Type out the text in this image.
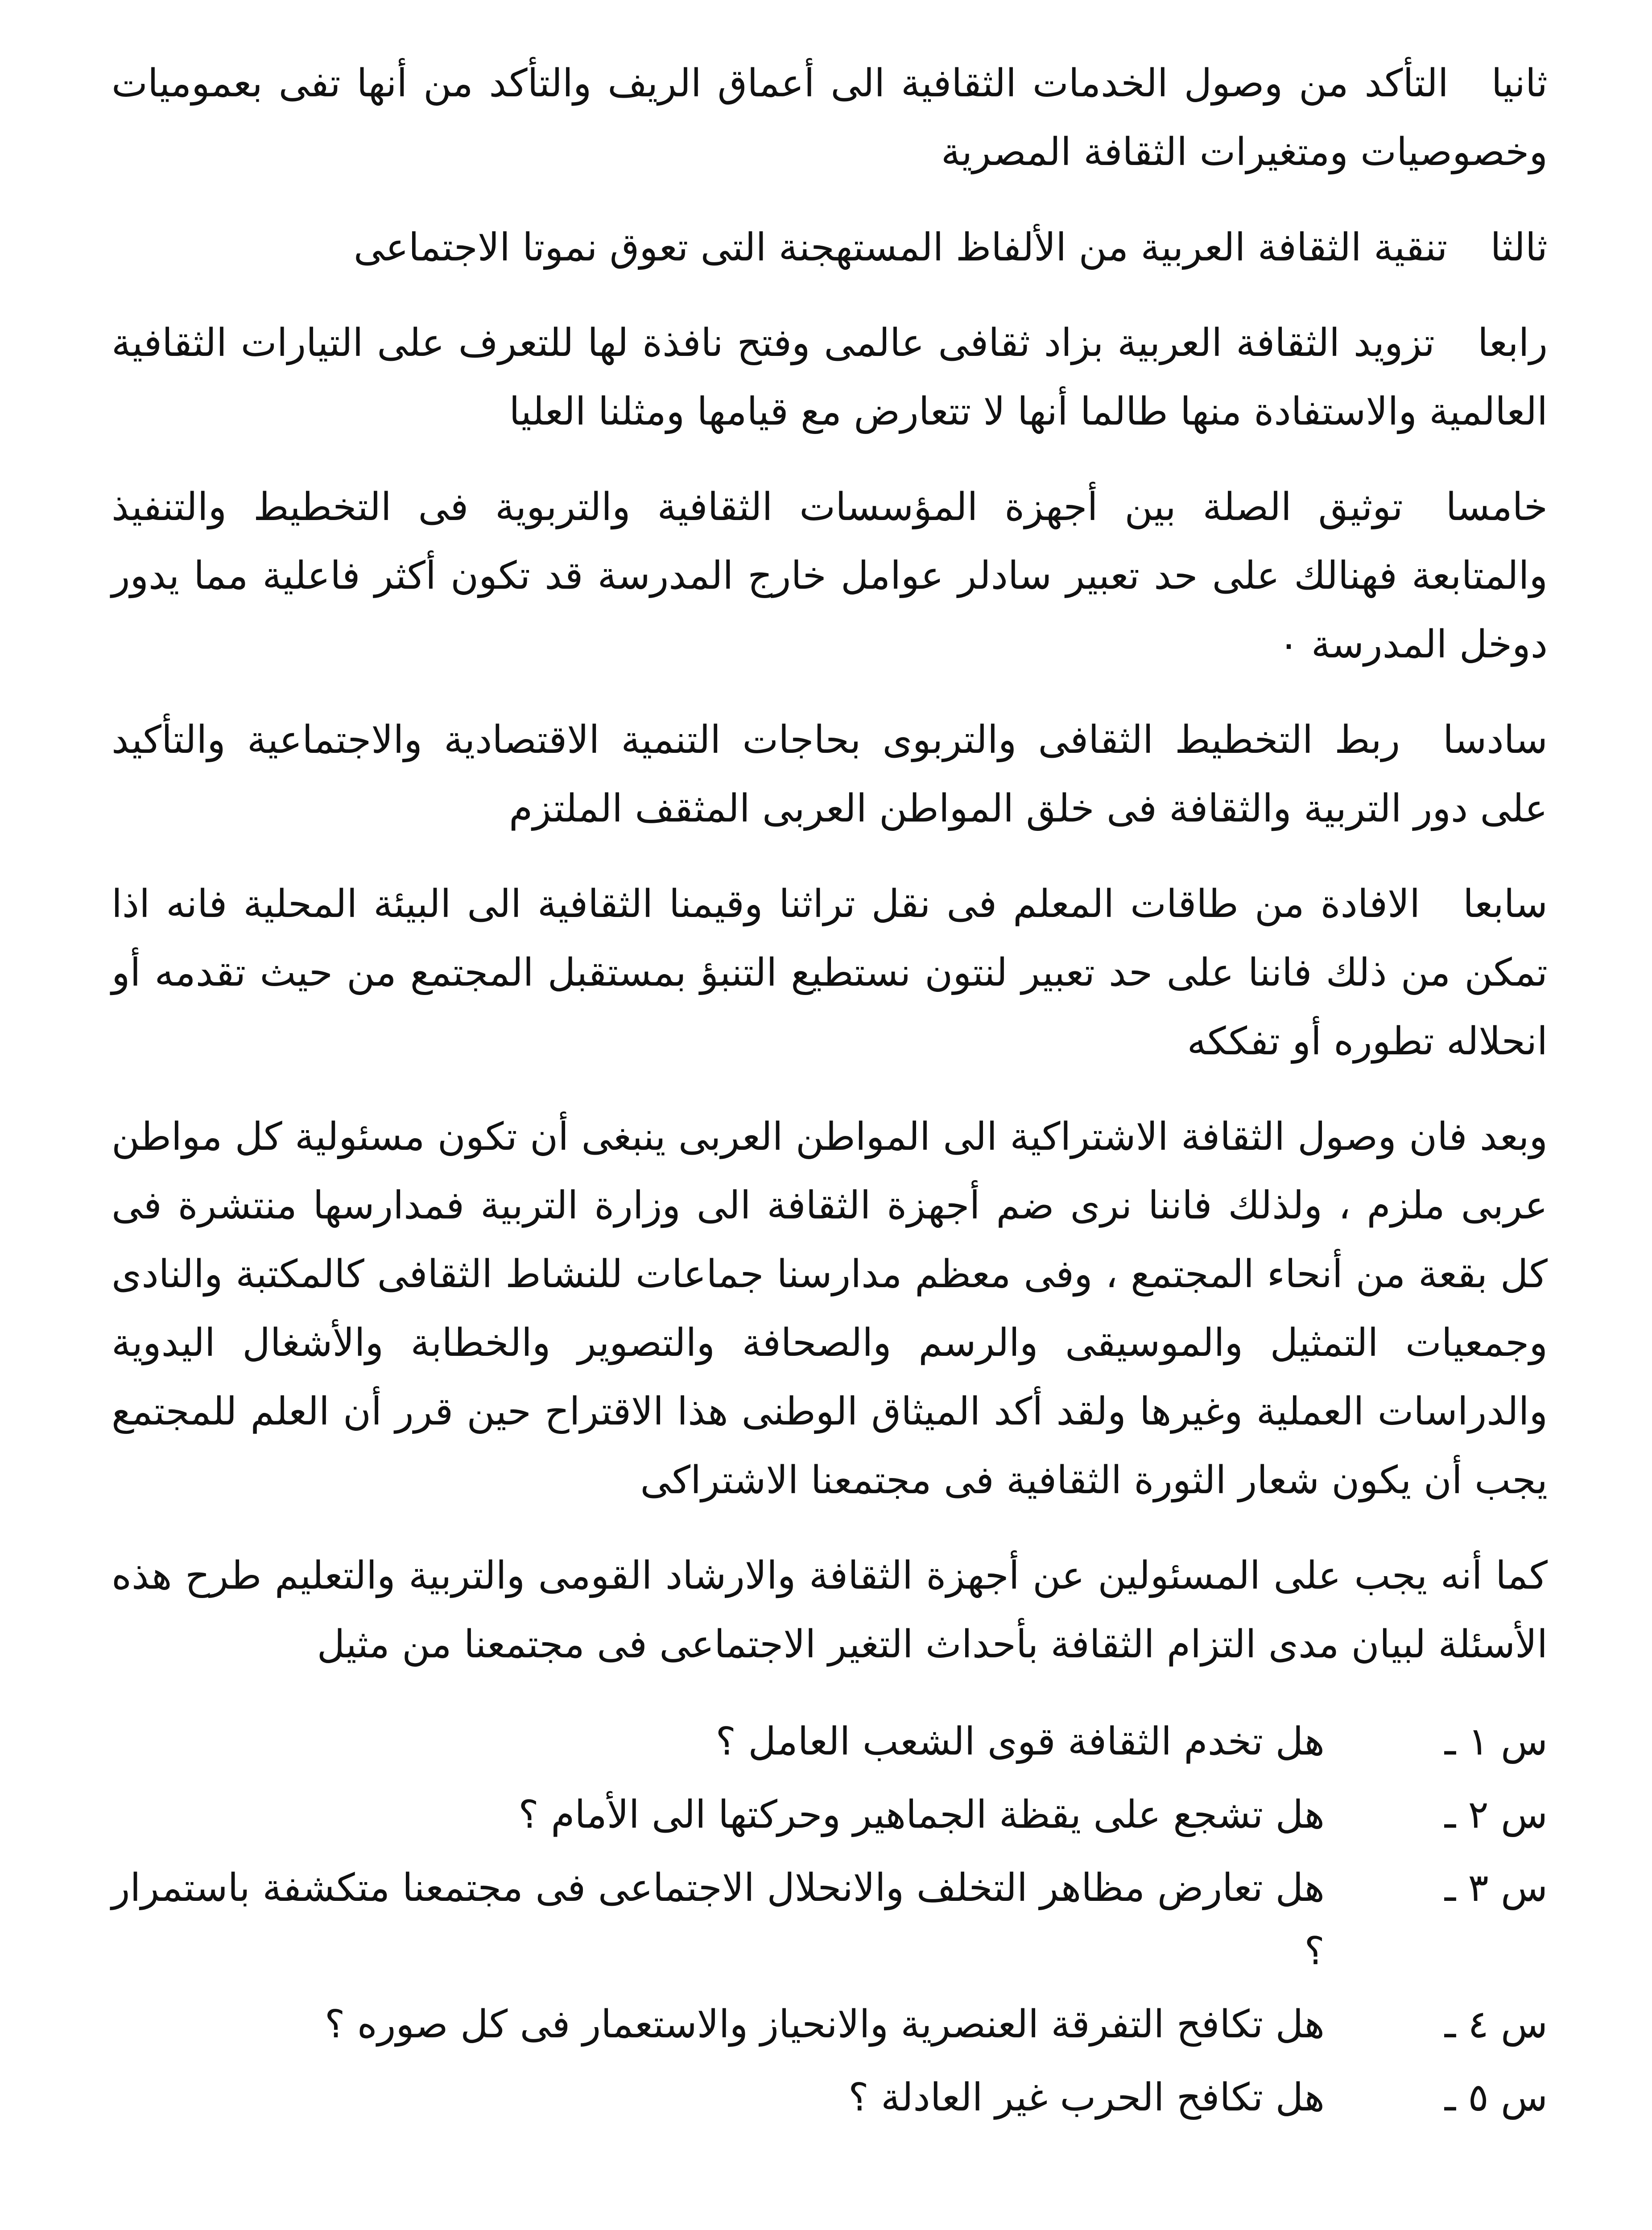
ثانياالتأكد من وصول الخدمات الثقافية الى أعماق الريف والتأكد من أنها تفى بعموميات وخصوصيات ومتغيرات الثقافة المصرية

ثالثاتنقية الثقافة العربية من الألفاظ المستهجنة التى تعوق نموتا الاجتماعى

رابعاتزويد الثقافة العربية بزاد ثقافى عالمى وفتح نافذة لها للتعرف على التيارات الثقافية العالمية والاستفادة منها طالما أنها لا تتعارض مع قيامها ومثلنا العليا

خامساتوثيق الصلة بين أجهزة المؤسسات الثقافية والتربوية فى التخطيط والتنفيذ والمتابعة فهنالك على حد تعبير سادلر عوامل خارج المدرسة قد تكون أكثر فاعلية مما يدور دوخل المدرسة ٠

سادساربط التخطيط الثقافى والتربوى بحاجات التنمية الاقتصادية والاجتماعية والتأكيد على دور التربية والثقافة فى خلق المواطن العربى المثقف الملتزم

سابعاالافادة من طاقات المعلم فى نقل تراثنا وقيمنا الثقافية الى البيئة المحلية فانه اذا تمكن من ذلك فاننا على حد تعبير لنتون نستطيع التنبؤ بمستقبل المجتمع من حيث تقدمه أو انحلاله تطوره أو تفككه

وبعد فان وصول الثقافة الاشتراكية الى المواطن العربى ينبغى أن تكون مسئولية كل مواطن عربى ملزم ، ولذلك فاننا نرى ضم أجهزة الثقافة الى وزارة التربية فمدارسها منتشرة فى كل بقعة من أنحاء المجتمع ، وفى معظم مدارسنا جماعات للنشاط الثقافى كالمكتبة والنادى وجمعيات التمثيل والموسيقى والرسم والصحافة والتصوير والخطابة والأشغال اليدوية والدراسات العملية وغيرها ولقد أكد الميثاق الوطنى هذا الاقتراح حين قرر أن العلم للمجتمع يجب أن يكون شعار الثورة الثقافية فى مجتمعنا الاشتراكى

كما أنه يجب على المسئولين عن أجهزة الثقافة والارشاد القومى والتربية والتعليم طرح هذه الأسئلة لبيان مدى التزام الثقافة بأحداث التغير الاجتماعى فى مجتمعنا من مثيل

س ١ ـ
هل تخدم الثقافة قوى الشعب العامل ؟
س ٢ ـ
هل تشجع على يقظة الجماهير وحركتها الى الأمام ؟
س ٣ ـ
هل تعارض مظاهر التخلف والانحلال الاجتماعى فى مجتمعنا متكشفة باستمرار ؟
س ٤ ـ
هل تكافح التفرقة العنصرية والانحياز والاستعمار فى كل صوره ؟
س ٥ ـ
هل تكافح الحرب غير العادلة ؟
